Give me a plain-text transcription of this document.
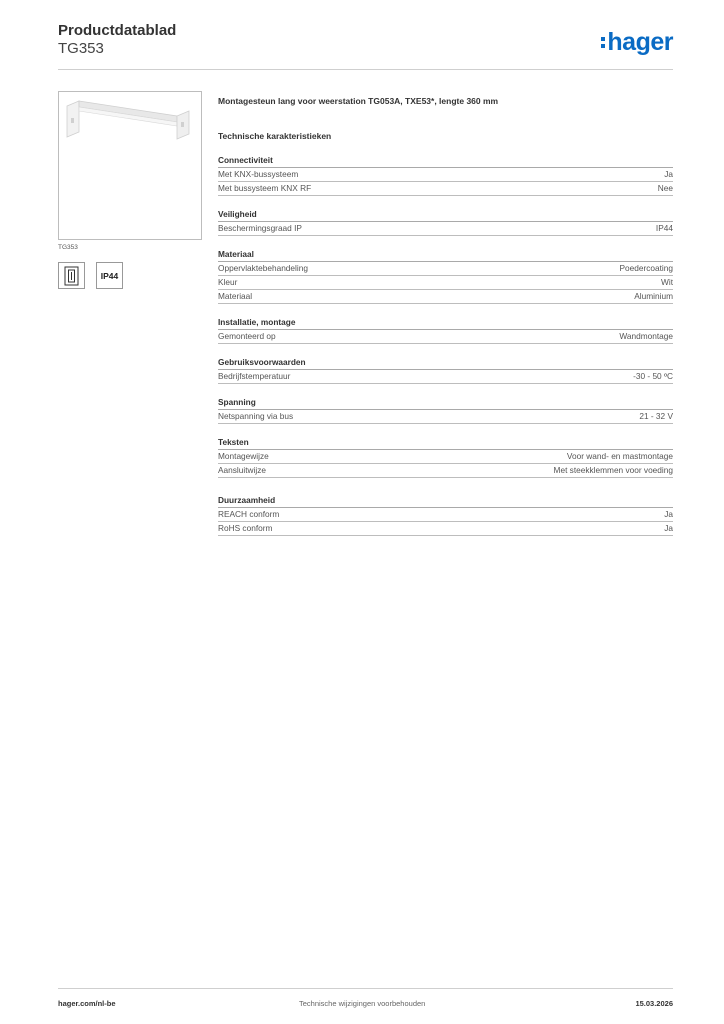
Productdatablad
TG353	hager
TG353
IP44
Montagesteun lang voor weerstation TG053A, TXE53*, lengte 360 mm
Technische karakteristieken
Connectiviteit
Met KNX-bussysteem	Ja
Met bussysteem KNX RF	Nee
Veiligheid
Beschermingsgraad IP	IP44
Materiaal
Oppervlaktebehandeling	Poedercoating
Kleur	Wit
Materiaal	Aluminium
Installatie, montage
Gemonteerd op	Wandmontage
Gebruiksvoorwaarden
Bedrijfstemperatuur	-30 - 50 ºC
Spanning
Netspanning via bus	21 - 32 V
Teksten
Montagewijze	Voor wand- en mastmontage
Aansluitwijze	Met steekklemmen voor voeding
Duurzaamheid
REACH conform	Ja
RoHS conform	Ja
hager.com/nl-be	Technische wijzigingen voorbehouden	15.03.2026
